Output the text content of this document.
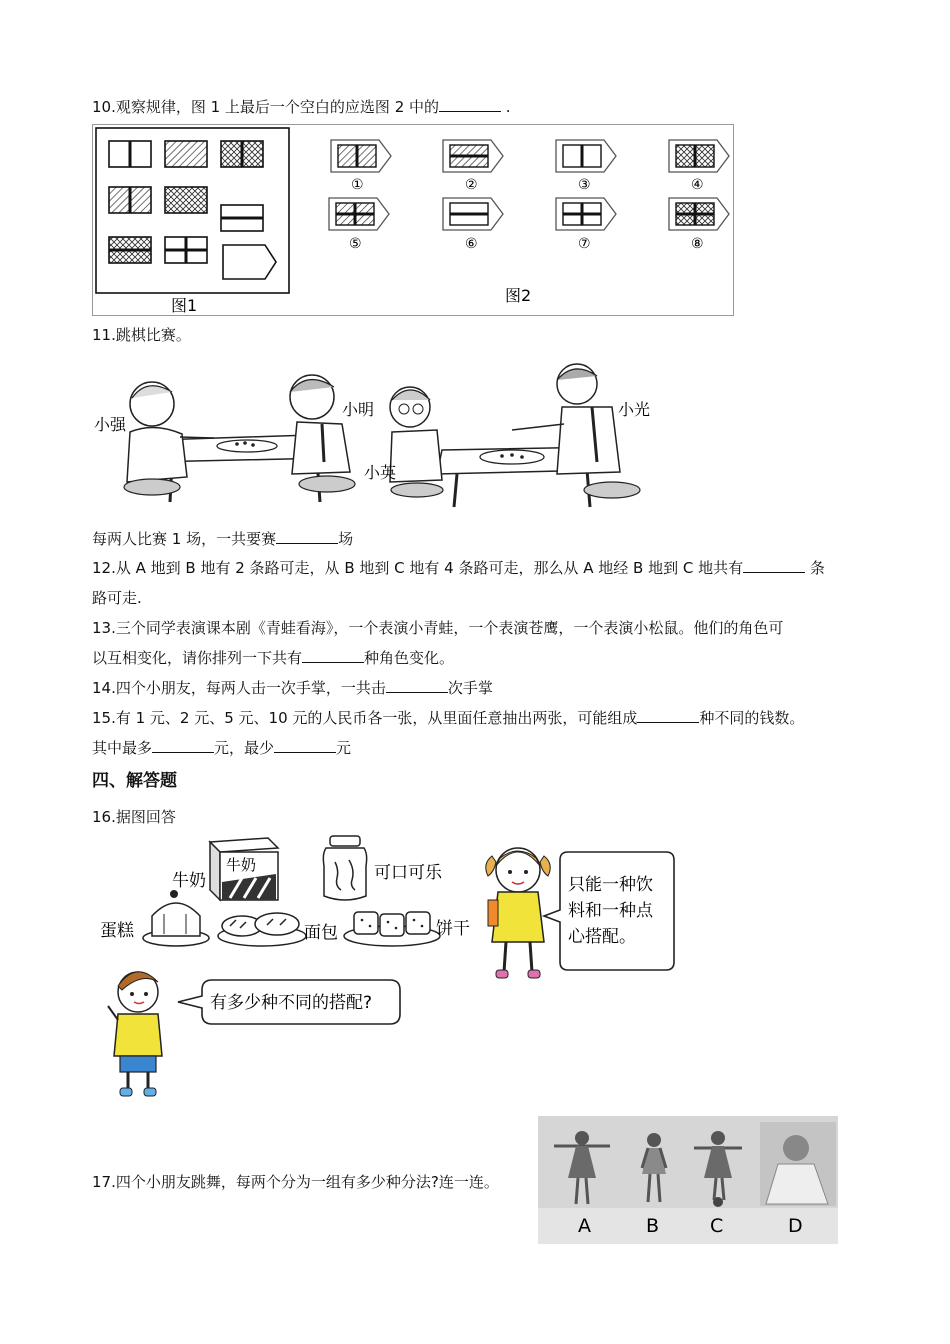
10.观察规律，图 1 上最后一个空白的应选图 2 中的	.
①	②	③	④
⑤	⑥	⑦	⑧
图1
图2
11.跳棋比赛。
小强
小明
小英
小光
每两人比赛 1 场，一共要赛	场
12.从 A 地到 B 地有 2 条路可走，从 B 地到 C 地有 4 条路可走，那么从 A 地经 B 地到 C 地共有	条
路可走.
13.三个同学表演课本剧《青蛙看海》，一个表演小青蛙，一个表演苍鹰，一个表演小松鼠。他们的角色可
以互相变化，请你排列一下共有	种角色变化。
14.四个小朋友，每两人击一次手掌，一共击	次手掌
15.有 1 元、2 元、5 元、10 元的人民币各一张，从里面任意抽出两张，可能组成	种不同的钱数。
其中最多	元，最少	元
四、解答题
16.据图回答
牛奶
牛奶	可口可乐
蛋糕	面包	饼干
只能一种饮
料和一种点
心搭配。
有多少种不同的搭配?
17.四个小朋友跳舞，每两个分为一组有多少种分法?连一连。
A	B	C	D
